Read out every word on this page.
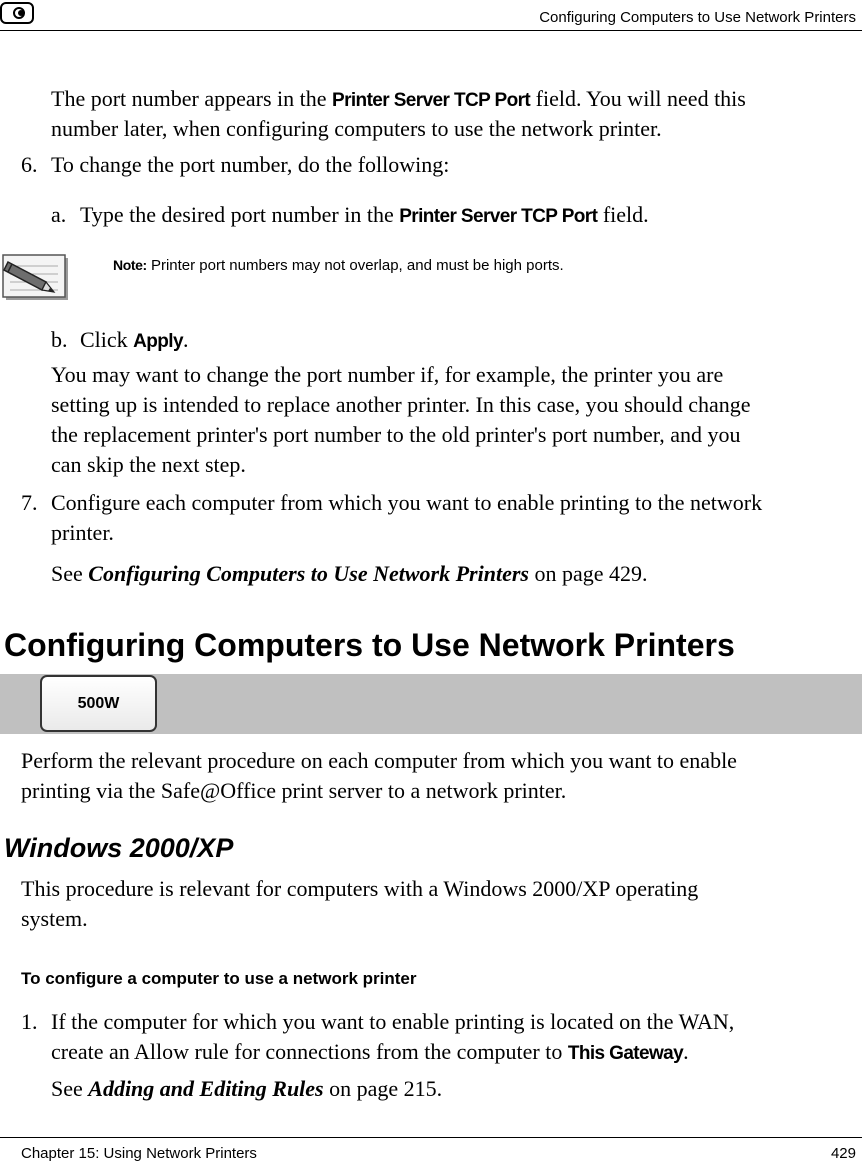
Configuring Computers to Use Network Printers
The port number appears in the Printer Server TCP Port field. You will need this
number later, when configuring computers to use the network printer.
6. To change the port number, do the following:
a. Type the desired port number in the Printer Server TCP Port field.
Note: Printer port numbers may not overlap, and must be high ports.
b. Click Apply.
You may want to change the port number if, for example, the printer you are
setting up is intended to replace another printer. In this case, you should change
the replacement printer's port number to the old printer's port number, and you
can skip the next step.
7. Configure each computer from which you want to enable printing to the network
printer.
See Configuring Computers to Use Network Printers on page 429.
Configuring Computers to Use Network Printers
500W
Perform the relevant procedure on each computer from which you want to enable
printing via the Safe@Office print server to a network printer.
Windows 2000/XP
This procedure is relevant for computers with a Windows 2000/XP operating
system.
To configure a computer to use a network printer
1. If the computer for which you want to enable printing is located on the WAN,
create an Allow rule for connections from the computer to This Gateway.
See Adding and Editing Rules on page 215.
Chapter 15: Using Network Printers	429
